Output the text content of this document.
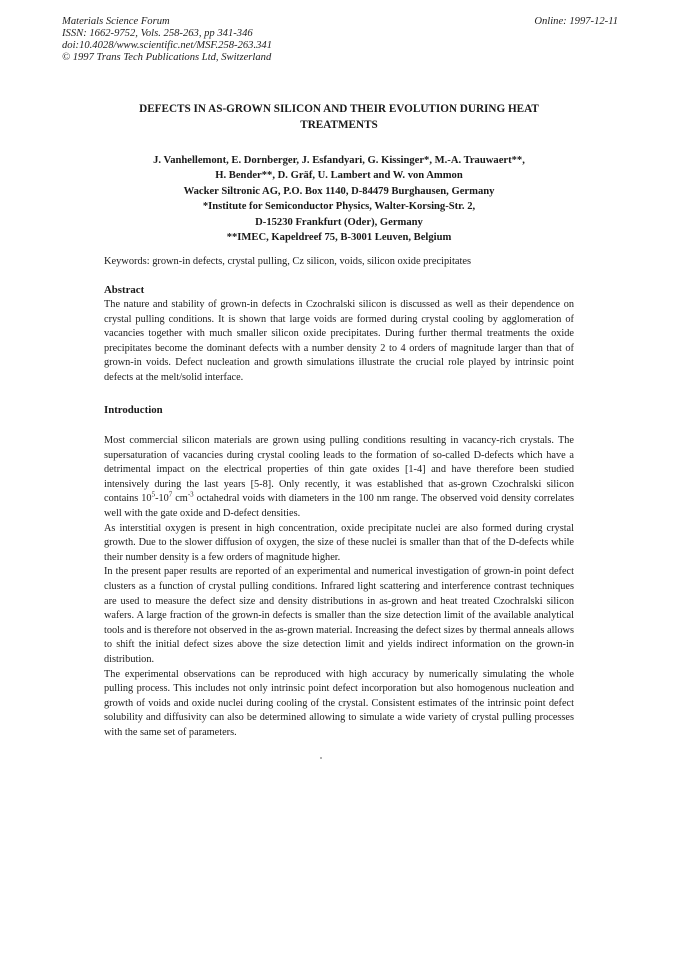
Materials Science Forum
ISSN: 1662-9752, Vols. 258-263, pp 341-346
doi:10.4028/www.scientific.net/MSF.258-263.341
© 1997 Trans Tech Publications Ltd, Switzerland
Online: 1997-12-11
DEFECTS IN AS-GROWN SILICON AND THEIR EVOLUTION DURING HEAT TREATMENTS
J. Vanhellemont, E. Dornberger, J. Esfandyari, G. Kissinger*, M.-A. Trauwaert**,
H. Bender**, D. Gräf, U. Lambert and W. von Ammon
Wacker Siltronic AG, P.O. Box 1140, D-84479 Burghausen, Germany
*Institute for Semiconductor Physics, Walter-Korsing-Str. 2,
D-15230 Frankfurt (Oder), Germany
**IMEC, Kapeldreef 75, B-3001 Leuven, Belgium
Keywords: grown-in defects, crystal pulling, Cz silicon, voids, silicon oxide precipitates
Abstract
The nature and stability of grown-in defects in Czochralski silicon is discussed as well as their dependence on crystal pulling conditions. It is shown that large voids are formed during crystal cooling by agglomeration of vacancies together with much smaller silicon oxide precipitates. During further thermal treatments the oxide precipitates become the dominant defects with a number density 2 to 4 orders of magnitude larger than that of grown-in voids. Defect nucleation and growth simulations illustrate the crucial role played by intrinsic point defects at the melt/solid interface.
Introduction

Most commercial silicon materials are grown using pulling conditions resulting in vacancy-rich crystals. The supersaturation of vacancies during crystal cooling leads to the formation of so-called D-defects which have a detrimental impact on the electrical properties of thin gate oxides [1-4] and have therefore been studied intensively during the last years [5-8]. Only recently, it was established that as-grown Czochralski silicon contains $10^5-10^7$ $cm^{-3}$ octahedral voids with diameters in the 100 nm range. The observed void density correlates well with the gate oxide and D-defect densities.

As interstitial oxygen is present in high concentration, oxide precipitate nuclei are also formed during crystal growth. Due to the slower diffusion of oxygen, the size of these nuclei is smaller than that of the D-defects while their number density is a few orders of magnitude higher.

In the present paper results are reported of an experimental and numerical investigation of grown-in point defect clusters as a function of crystal pulling conditions. Infrared light scattering and interference contrast techniques are used to measure the defect size and density distributions in as-grown and heat treated Czochralski silicon wafers. A large fraction of the grown-in defects is smaller than the size detection limit of the available analytical tools and is therefore not observed in the as-grown material. Increasing the defect sizes by thermal anneals allows to shift the initial defect sizes above the size detection limit and yields indirect information on the grown-in distribution.

The experimental observations can be reproduced with high accuracy by numerically simulating the whole pulling process. This includes not only intrinsic point defect incorporation but also homogenous nucleation and growth of voids and oxide nuclei during cooling of the crystal. Consistent estimates of the intrinsic point defect solubility and diffusivity can also be determined allowing to simulate a wide variety of crystal pulling processes with the same set of parameters.
